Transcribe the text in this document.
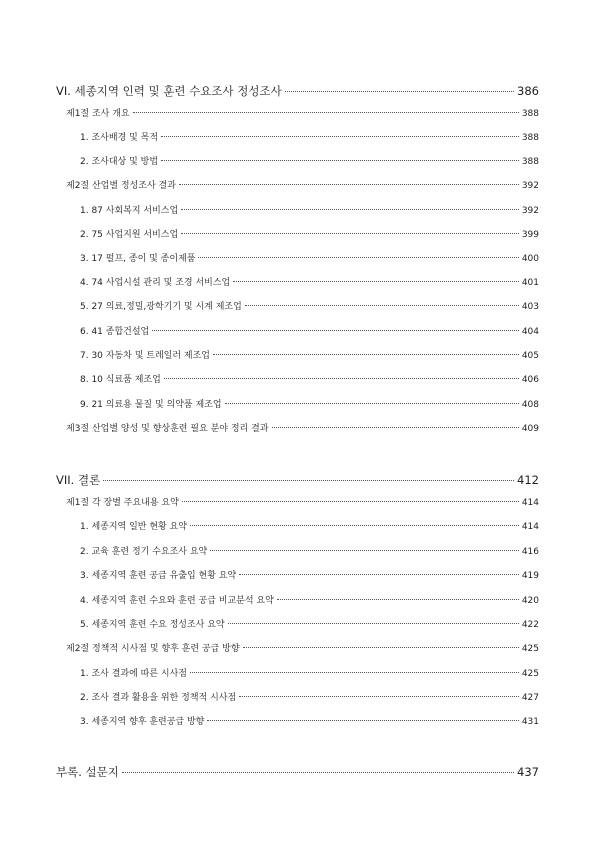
VI. 세종지역 인력 및 훈련 수요조사 정성조사	386
제1절 조사 개요	388
1. 조사배경 및 목적	388
2. 조사대상 및 방법	388
제2절 산업별 정성조사 결과	392
1. 87 사회복지 서비스업	392
2. 75 사업지원 서비스업	399
3. 17 펄프, 종이 및 종이제품	400
4. 74 사업시설 관리 및 조경 서비스업	401
5. 27 의료,정밀,광학기기 및 시계 제조업	403
6. 41 종합건설업	404
7. 30 자동차 및 트레일러 제조업	405
8. 10 식료품 제조업	406
9. 21 의료용 물질 및 의약품 제조업	408
제3절 산업별 양성 및 향상훈련 필요 분야 정리 결과	409
VII. 결론	412
제1절 각 장별 주요내용 요약	414
1. 세종지역 일반 현황 요약	414
2. 교육 훈련 정기 수요조사 요약	416
3. 세종지역 훈련 공급 유출입 현황 요약	419
4. 세종지역 훈련 수요와 훈련 공급 비교분석 요약	420
5. 세종지역 훈련 수요 정성조사 요약	422
제2절 정책적 시사점 및 향후 훈련 공급 방향	425
1. 조사 결과에 따른 시사점	425
2. 조사 결과 활용을 위한 정책적 시사점	427
3. 세종지역 향후 훈련공급 방향	431
부록. 설문지	437
